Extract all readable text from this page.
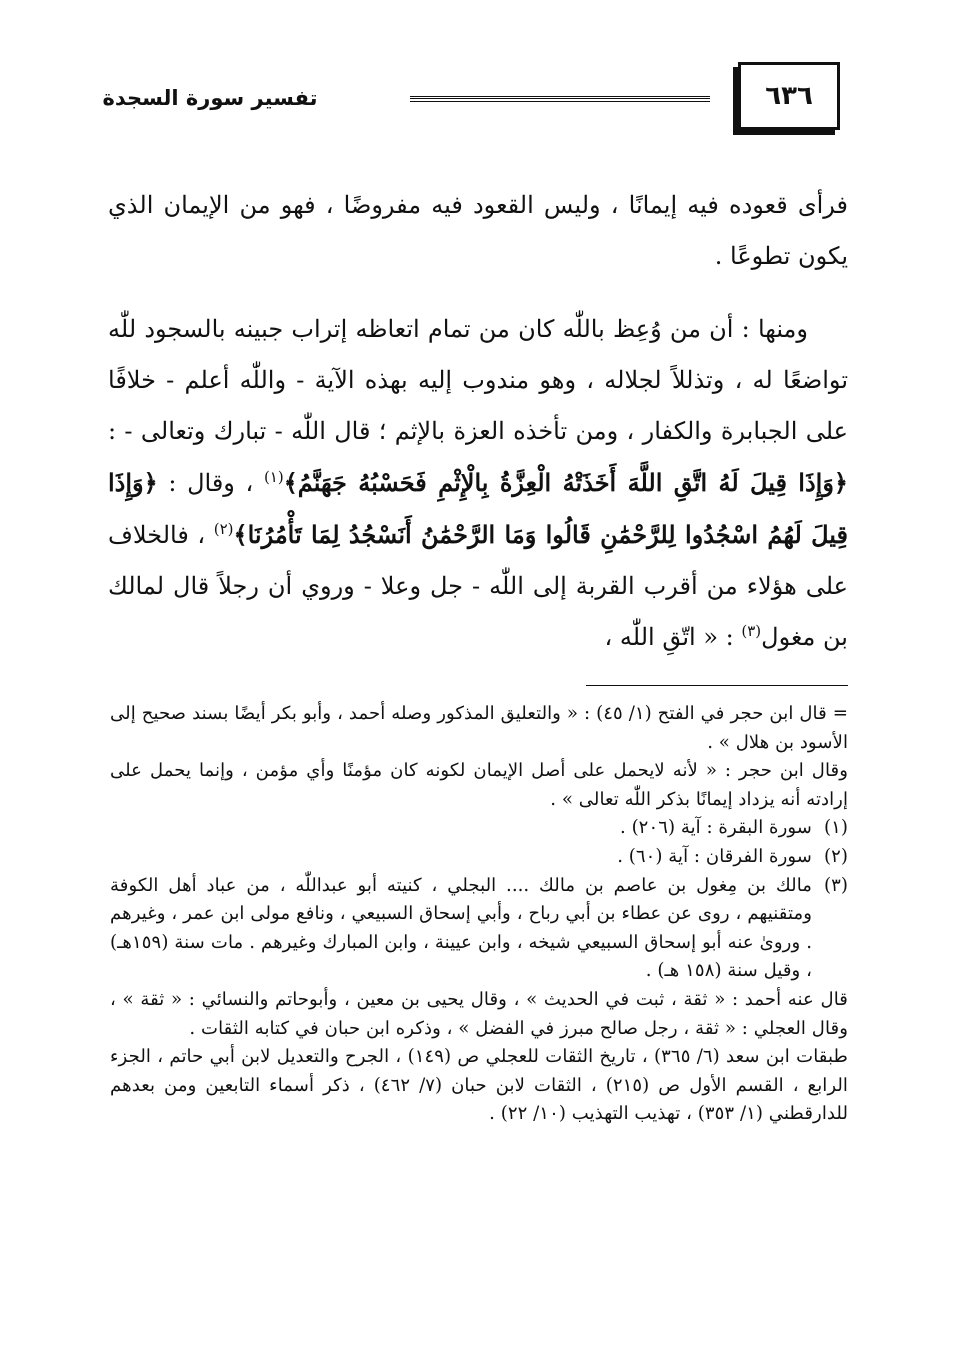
٦٣٦
تفسير سورة السجدة

فرأى قعوده فيه إيمانًا ، وليس القعود فيه مفروضًا ، فهو من الإيمان الذي يكون تطوعًا .

ومنها : أن من وُعِظ باللّٰه كان من تمام اتعاظه إتراب جبينه بالسجود للّٰه تواضعًا له ، وتذللاً لجلاله ، وهو مندوب إليه بهذه الآية - واللّٰه أعلم - خلافًا على الجبابرة والكفار ، ومن تأخذه العزة بالإثم ؛ قال اللّٰه - تبارك وتعالى - : ﴿وَإِذَا قِيلَ لَهُ اتَّقِ اللَّهَ أَخَذَتْهُ الْعِزَّةُ بِالْإِثْمِ فَحَسْبُهُ جَهَنَّمُ﴾$^{(١)}$ ، وقال : ﴿وَإِذَا قِيلَ لَهُمُ اسْجُدُوا لِلرَّحْمَٰنِ قَالُوا وَمَا الرَّحْمَٰنُ أَنَسْجُدُ لِمَا تَأْمُرُنَا﴾$^{(٢)}$ ، فالخلاف على هؤلاء من أقرب القربة إلى اللّٰه - جل وعلا - وروي أن رجلاً قال لمالك بن مغول$^{(٣)}$ : « اتّقِ اللّٰه ،

= قال ابن حجر في الفتح (١/ ٤٥) : « والتعليق المذكور وصله أحمد ، وأبو بكر أيضًا بسند صحيح إلى الأسود بن هلال » .

وقال ابن حجر : « لأنه لايحمل على أصل الإيمان لكونه كان مؤمنًا وأي مؤمن ، وإنما يحمل على إرادته أنه يزداد إيمانًا بذكر اللّٰه تعالى » .

(١)
سورة البقرة : آية (٢٠٦) .

(٢)
سورة الفرقان : آية (٦٠) .

(٣)
مالك بن مِغول بن عاصم بن مالك .... البجلي ، كنيته أبو عبداللّٰه ، من عباد أهل الكوفة ومتقنيهم ، روى عن عطاء بن أبي رباح ، وأبي إسحاق السبيعي ، ونافع مولى ابن عمر ، وغيرهم . وروىٰ عنه أبو إسحاق السبيعي شيخه ، وابن عيينة ، وابن المبارك وغيرهم . مات سنة (١٥٩هـ) ، وقيل سنة (١٥٨ هـ) .

قال عنه أحمد : « ثقة ، ثبت في الحديث » ، وقال يحيى بن معين ، وأبوحاتم والنسائي : « ثقة » ، وقال العجلي : « ثقة ، رجل صالح مبرز في الفضل » ، وذكره ابن حبان في كتابه الثقات .

طبقات ابن سعد (٦/ ٣٦٥) ، تاريخ الثقات للعجلي ص (١٤٩) ، الجرح والتعديل لابن أبي حاتم ، الجزء الرابع ، القسم الأول ص (٢١٥) ، الثقات لابن حبان (٧/ ٤٦٢) ، ذكر أسماء التابعين ومن بعدهم للدارقطني (١/ ٣٥٣) ، تهذيب التهذيب (١٠/ ٢٢) .
